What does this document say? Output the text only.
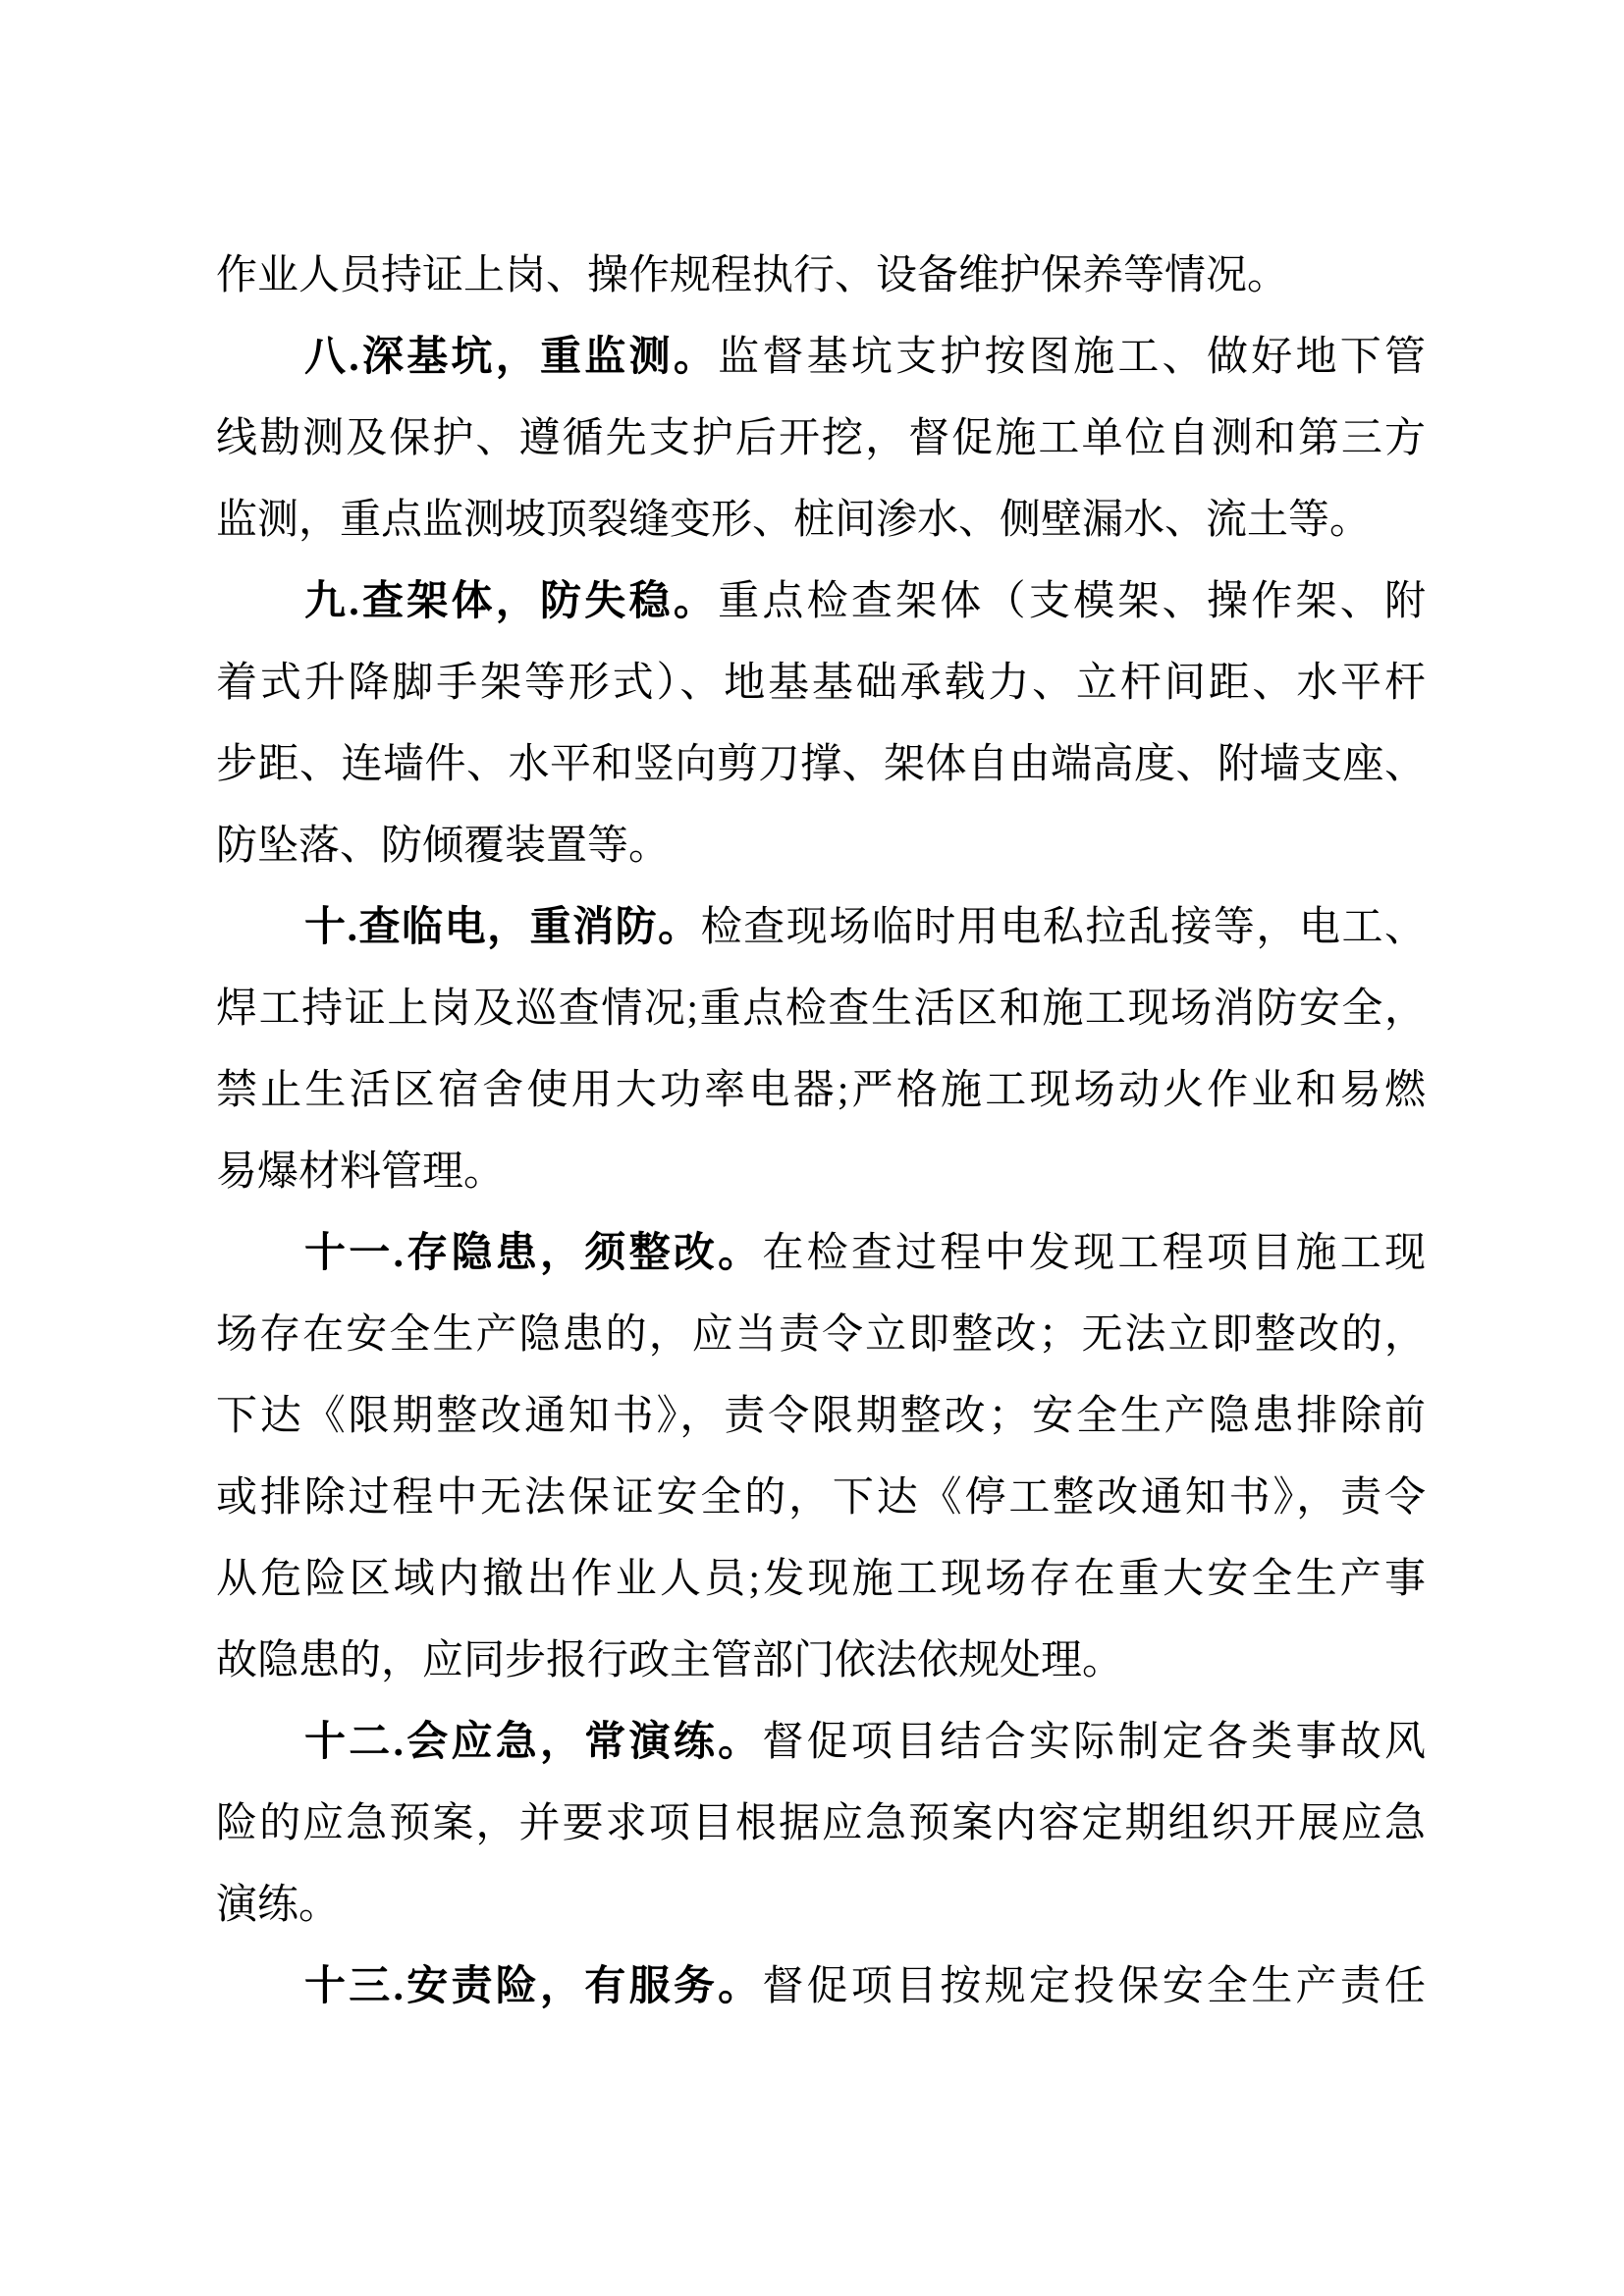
作业人员持证上岗、操作规程执行、设备维护保养等情况。
八.深基坑，重监测。监督基坑支护按图施工、做好地下管
线勘测及保护、遵循先支护后开挖，督促施工单位自测和第三方
监测，重点监测坡顶裂缝变形、桩间渗水、侧壁漏水、流土等。
九.查架体，防失稳。重点检查架体（支模架、操作架、附
着式升降脚手架等形式）、地基基础承载力、立杆间距、水平杆
步距、连墙件、水平和竖向剪刀撑、架体自由端高度、附墙支座、
防坠落、防倾覆装置等。
十.查临电，重消防。检查现场临时用电私拉乱接等，电工、
焊工持证上岗及巡查情况;重点检查生活区和施工现场消防安全，
禁止生活区宿舍使用大功率电器;严格施工现场动火作业和易燃
易爆材料管理。
十一.存隐患，须整改。在检查过程中发现工程项目施工现
场存在安全生产隐患的，应当责令立即整改；无法立即整改的，
下达《限期整改通知书》，责令限期整改；安全生产隐患排除前
或排除过程中无法保证安全的，下达《停工整改通知书》，责令
从危险区域内撤出作业人员;发现施工现场存在重大安全生产事
故隐患的，应同步报行政主管部门依法依规处理。
十二.会应急，常演练。督促项目结合实际制定各类事故风
险的应急预案，并要求项目根据应急预案内容定期组织开展应急
演练。
十三.安责险，有服务。督促项目按规定投保安全生产责任
